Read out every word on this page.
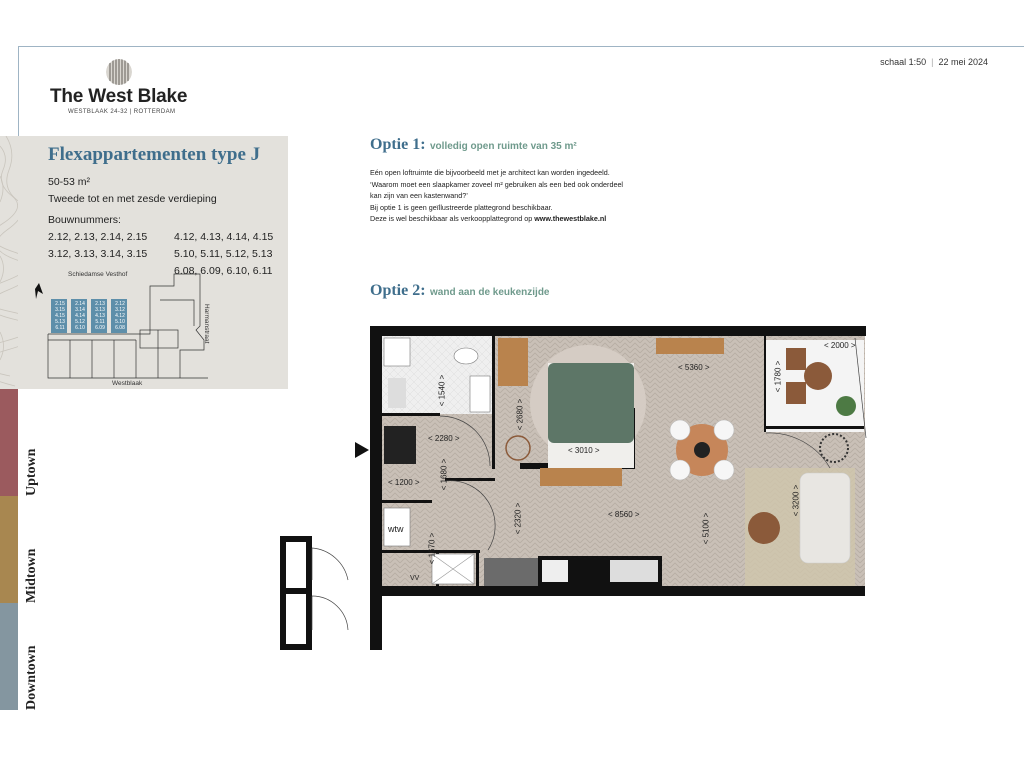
schaal 1:50 | 22 mei 2024
The West Blake
WESTBLAAK 24-32 | ROTTERDAM
Flexappartementen type J
50-53 m²
Tweede tot en met zesde verdieping
Bouwnummers:
2.12, 2.13, 2.14, 2.15
3.12, 3.13, 3.14, 3.15
4.12, 4.13, 4.14, 4.15
5.10, 5.11, 5.12, 5.13
6.08, 6.09, 6.10, 6.11
Schiedamse Vesthof
Harmanstraat
Westblaak
2.15
3.15
4.15
5.13
6.11
2.14
3.14
4.14
5.12
6.10
2.13
3.13
4.13
5.11
6.09
2.12
3.12
4.12
5.10
6.08
Uptown
Midtown
Downtown
Optie 1: volledig open ruimte van 35 m²
Eén open loftruimte die bijvoorbeeld met je architect kan worden ingedeeld.
‘Waarom moet een slaapkamer zoveel m² gebruiken als een bed ook onderdeel
kan zijn van een kastenwand?’
Bij optie 1 is geen geïllustreerde plattegrond beschikbaar.
Deze is wel beschikbaar als verkoopplattegrond op www.thewestblake.nl
Optie 2: wand aan de keukenzijde
< 2000 >
< 5360 >
< 1540 >	< 1780 >
< 2680 >
< 2280 >
< 3010 >
< 1680 >
< 1200 >
< 8560 >
< 2320 >	< 5100 >
< 3200 >
< 1670 >
wtw
VV
